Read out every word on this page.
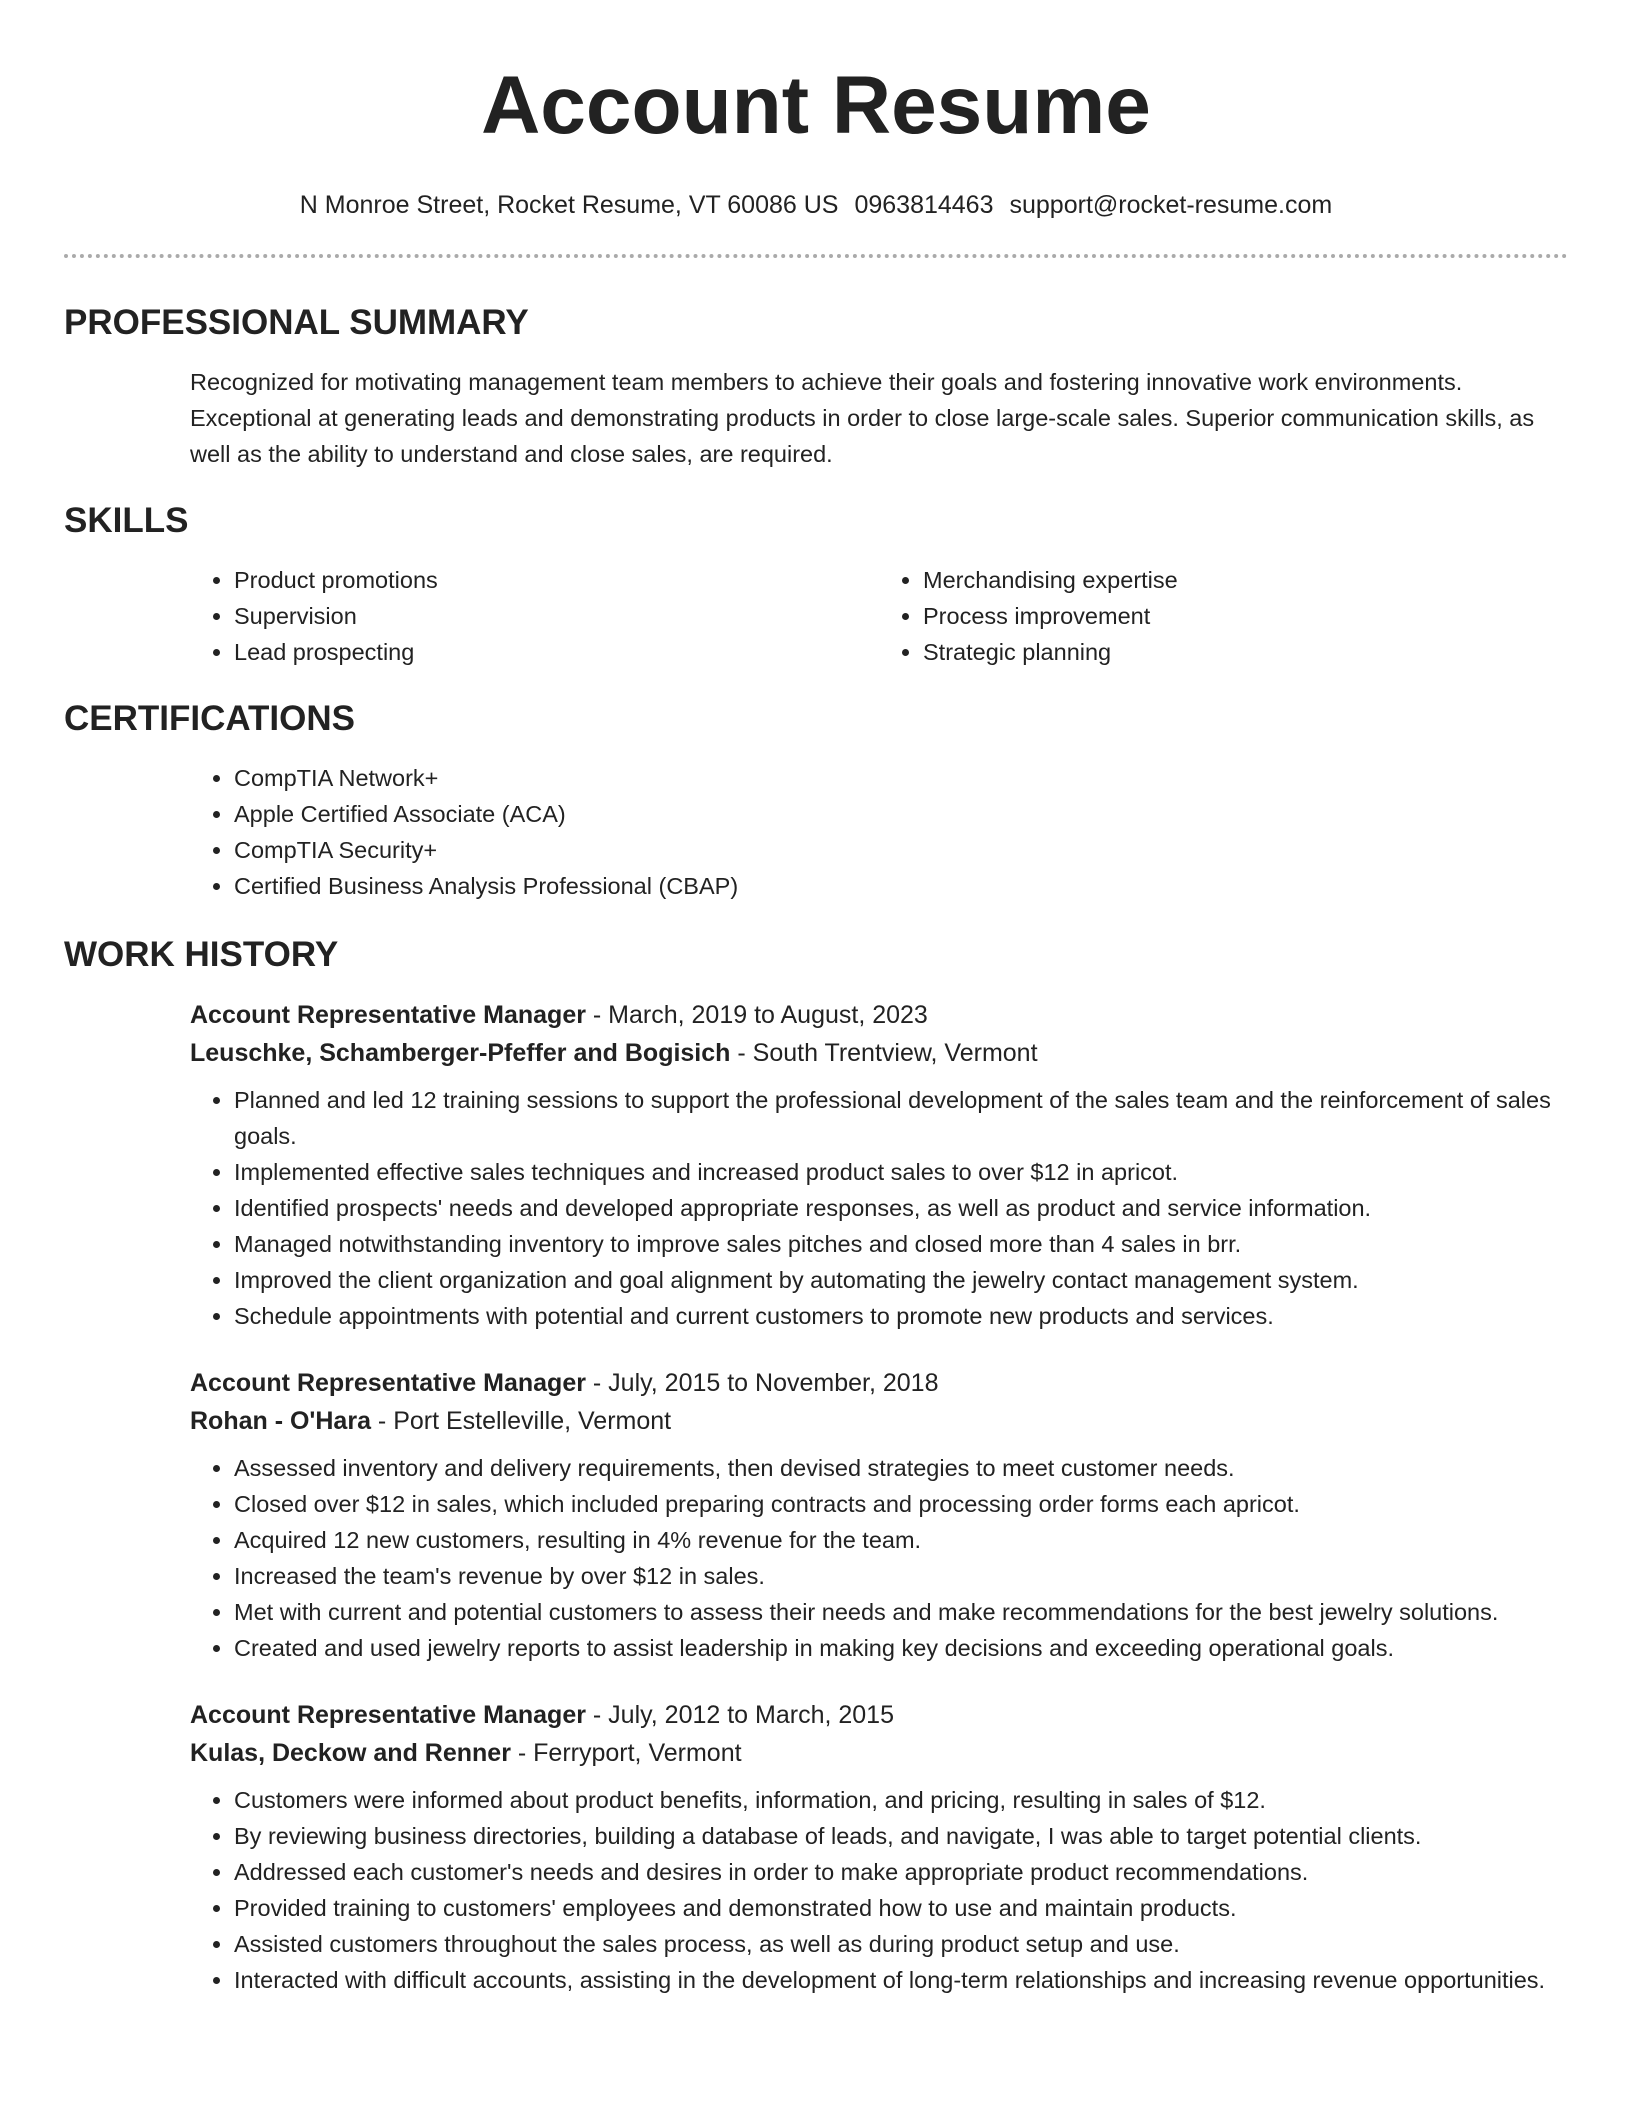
Account Resume
N Monroe Street, Rocket Resume, VT 60086 US 0963814463 support@rocket-resume.com
PROFESSIONAL SUMMARY

Recognized for motivating management team members to achieve their goals and fostering innovative work environments. Exceptional at generating leads and demonstrating products in order to close large-scale sales. Superior communication skills, as well as the ability to understand and close sales, are required.

SKILLS
• Product promotions
• Supervision
• Lead prospecting
• Merchandising expertise
• Process improvement
• Strategic planning
CERTIFICATIONS
• CompTIA Network+
• Apple Certified Associate (ACA)
• CompTIA Security+
• Certified Business Analysis Professional (CBAP)
WORK HISTORY
Account Representative Manager - March, 2019 to August, 2023
Leuschke, Schamberger-Pfeffer and Bogisich - South Trentview, Vermont
• Planned and led 12 training sessions to support the professional development of the sales team and the reinforcement of sales goals.
• Implemented effective sales techniques and increased product sales to over $12 in apricot.
• Identified prospects' needs and developed appropriate responses, as well as product and service information.
• Managed notwithstanding inventory to improve sales pitches and closed more than 4 sales in brr.
• Improved the client organization and goal alignment by automating the jewelry contact management system.
• Schedule appointments with potential and current customers to promote new products and services.
Account Representative Manager - July, 2015 to November, 2018
Rohan - O'Hara - Port Estelleville, Vermont
• Assessed inventory and delivery requirements, then devised strategies to meet customer needs.
• Closed over $12 in sales, which included preparing contracts and processing order forms each apricot.
• Acquired 12 new customers, resulting in 4% revenue for the team.
• Increased the team's revenue by over $12 in sales.
• Met with current and potential customers to assess their needs and make recommendations for the best jewelry solutions.
• Created and used jewelry reports to assist leadership in making key decisions and exceeding operational goals.
Account Representative Manager - July, 2012 to March, 2015
Kulas, Deckow and Renner - Ferryport, Vermont
• Customers were informed about product benefits, information, and pricing, resulting in sales of $12.
• By reviewing business directories, building a database of leads, and navigate, I was able to target potential clients.
• Addressed each customer's needs and desires in order to make appropriate product recommendations.
• Provided training to customers' employees and demonstrated how to use and maintain products.
• Assisted customers throughout the sales process, as well as during product setup and use.
• Interacted with difficult accounts, assisting in the development of long-term relationships and increasing revenue opportunities.
